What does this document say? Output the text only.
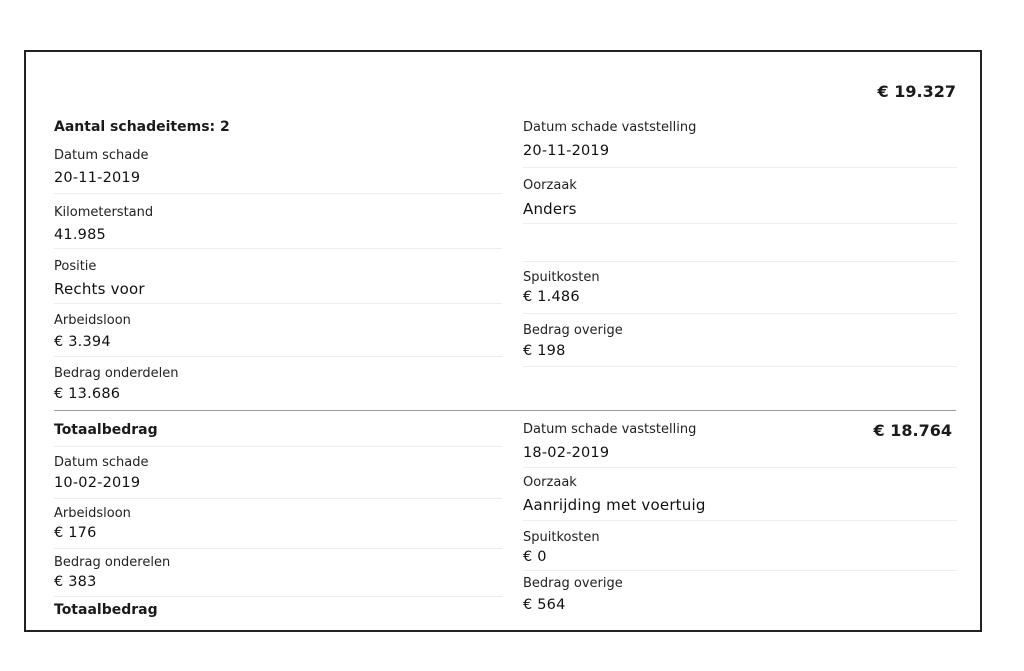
€ 19.327
Aantal schadeitems: 2
Datum schade
20-11-2019
Kilometerstand
41.985
Positie
Rechts voor
Arbeidsloon
€ 3.394
Bedrag onderdelen
€ 13.686
Datum schade vaststelling
20-11-2019
Oorzaak
Anders
Spuitkosten
€ 1.486
Bedrag overige
€ 198
Totaalbedrag	€ 18.764
Datum schade
10-02-2019
Arbeidsloon
€ 176
Bedrag onderelen
€ 383
Totaalbedrag
Datum schade vaststelling
18-02-2019
Oorzaak
Aanrijding met voertuig
Spuitkosten
€ 0
Bedrag overige
€ 564
